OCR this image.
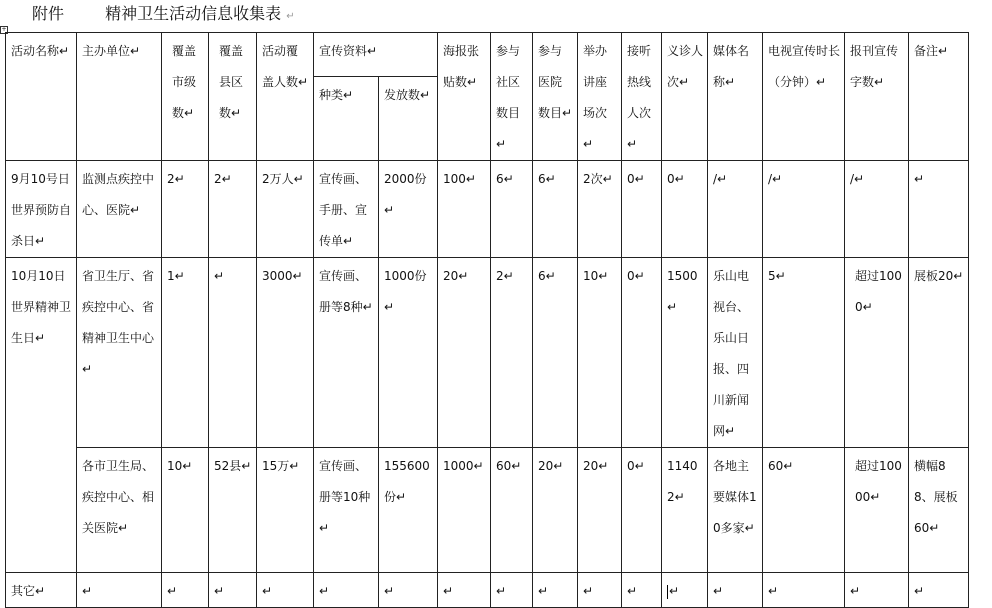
附件	精神卫生活动信息收集表 ↵
+
活动名称↵	主办单位↵	覆盖市级数↵	覆盖县区数↵	活动覆盖人数↵	宣传资料↵		海报张贴数↵	参与社区数目↵	参与医院数目↵	举办讲座场次↵	接听热线人次↵	义诊人次↵	媒体名称↵	电视宣传时长（分钟）↵	报刊宣传字数↵	备注↵
					种类↵	发放数↵										
9月10号日世界预防自杀日↵	监测点疾控中心、医院↵	2↵	2↵	2万人↵	宣传画、手册、宣传单↵	2000份↵	100↵	6↵	6↵	2次↵	0↵	0↵	/↵	/↵	/↵	↵
10月10日世界精神卫生日↵	省卫生厅、省疾控中心、省精神卫生中心↵	1↵	↵	3000↵	宣传画、册等8种↵	1000份↵	20↵	2↵	6↵	10↵	0↵	1500↵	乐山电视台、乐山日报、四川新闻网↵	5↵	超过1000↵	展板20↵
	各市卫生局、疾控中心、相关医院↵	10↵	52县↵	15万↵	宣传画、册等10种↵	155600份↵	1000↵	60↵	20↵	20↵	0↵	11402↵	各地主要媒体10多家↵	60↵	超过10000↵	横幅88、展板60↵
其它↵	↵	↵	↵	↵	↵	↵	↵	↵	↵	↵	↵	↵	↵	↵	↵	↵
